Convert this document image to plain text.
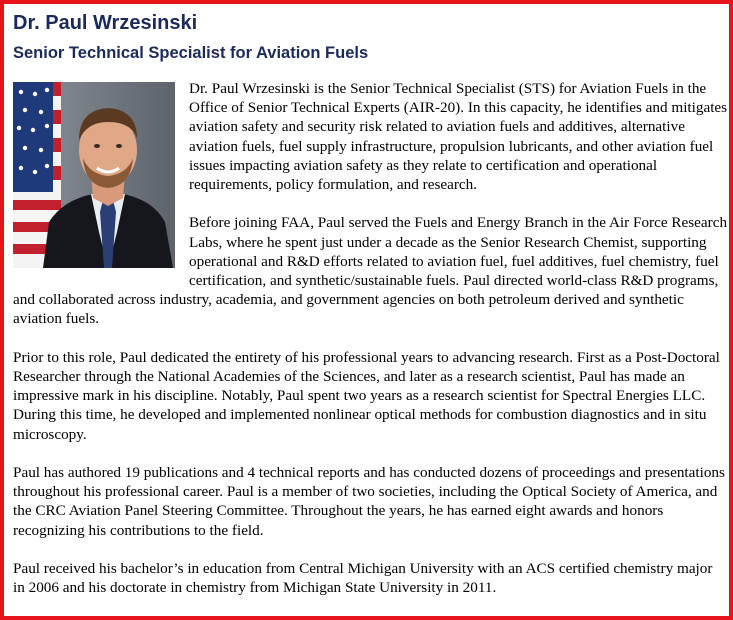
Dr. Paul Wrzesinski
Senior Technical Specialist for Aviation Fuels

Dr. Paul Wrzesinski is the Senior Technical Specialist (STS) for Aviation Fuels in the Office of Senior Technical Experts (AIR-20). In this capacity, he identifies and mitigates aviation safety and security risk related to aviation fuels and additives, alternative aviation fuels, fuel supply infrastructure, propulsion lubricants, and other aviation fuel issues impacting aviation safety as they relate to certification and operational requirements, policy formulation, and research.

Before joining FAA, Paul served the Fuels and Energy Branch in the Air Force Research Labs, where he spent just under a decade as the Senior Research Chemist, supporting operational and R&D efforts related to aviation fuel, fuel additives, fuel chemistry, fuel certification, and synthetic/sustainable fuels. Paul directed world-class R&D programs, and collaborated across industry, academia, and government agencies on both petroleum derived and synthetic aviation fuels.

Prior to this role, Paul dedicated the entirety of his professional years to advancing research. First as a Post-Doctoral Researcher through the National Academies of the Sciences, and later as a research scientist, Paul has made an impressive mark in his discipline. Notably, Paul spent two years as a research scientist for Spectral Energies LLC. During this time, he developed and implemented nonlinear optical methods for combustion diagnostics and in situ microscopy.

Paul has authored 19 publications and 4 technical reports and has conducted dozens of proceedings and presentations throughout his professional career. Paul is a member of two societies, including the Optical Society of America, and the CRC Aviation Panel Steering Committee. Throughout the years, he has earned eight awards and honors recognizing his contributions to the field.

Paul received his bachelor’s in education from Central Michigan University with an ACS certified chemistry major in 2006 and his doctorate in chemistry from Michigan State University in 2011.
